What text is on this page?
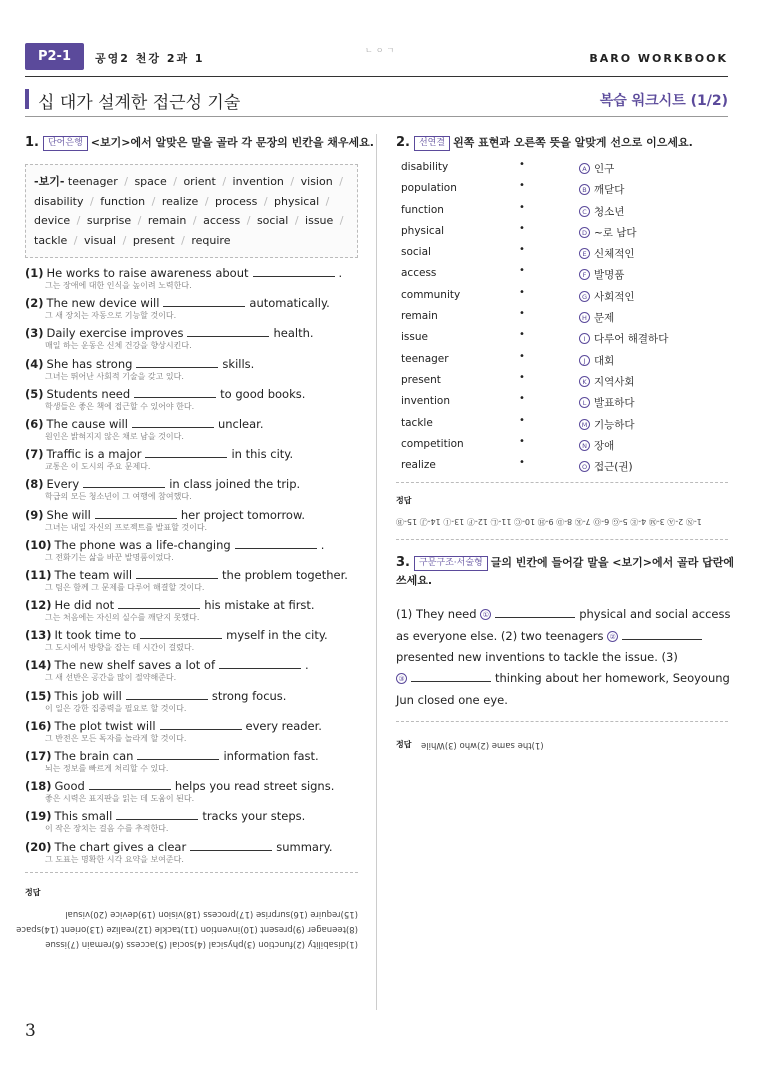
P2-1	공영2 천강 2과 1
ㄴㅇㄱ
BARO WORKBOOK
십 대가 설계한 접근성 기술	복습 워크시트 (1/2)
1. 단어은행 <보기>에서 알맞은 말을 골라 각 문장의 빈칸을 채우세요.
-보기- teenager / space / orient / invention / vision / disability / function / realize / process / physical / device / surprise / remain / access / social / issue / tackle / visual / present / require
(1) He works to raise awareness about	.
그는 장애에 대한 인식을 높이려 노력한다.
(2) The new device will	automatically.
그 새 장치는 자동으로 기능할 것이다.
(3) Daily exercise improves	health.
매일 하는 운동은 신체 건강을 향상시킨다.
(4) She has strong	skills.
그녀는 뛰어난 사회적 기술을 갖고 있다.
(5) Students need	to good books.
학생들은 좋은 책에 접근할 수 있어야 한다.
(6) The cause will	unclear.
원인은 밝혀지지 않은 채로 남을 것이다.
(7) Traffic is a major	in this city.
교통은 이 도시의 주요 문제다.
(8) Every	in class joined the trip.
학급의 모든 청소년이 그 여행에 참여했다.
(9) She will	her project tomorrow.
그녀는 내일 자신의 프로젝트를 발표할 것이다.
(10) The phone was a life-changing	.
그 전화기는 삶을 바꾼 발명품이었다.
(11) The team will	the problem together.
그 팀은 함께 그 문제를 다루어 해결할 것이다.
(12) He did not	his mistake at first.
그는 처음에는 자신의 실수를 깨닫지 못했다.
(13) It took time to	myself in the city.
그 도시에서 방향을 잡는 데 시간이 걸렸다.
(14) The new shelf saves a lot of	.
그 새 선반은 공간을 많이 절약해준다.
(15) This job will	strong focus.
이 일은 강한 집중력을 필요로 할 것이다.
(16) The plot twist will	every reader.
그 반전은 모든 독자를 놀라게 할 것이다.
(17) The brain can	information fast.
뇌는 정보를 빠르게 처리할 수 있다.
(18) Good	helps you read street signs.
좋은 시력은 표지판을 읽는 데 도움이 된다.
(19) This small	tracks your steps.
이 작은 장치는 걸음 수를 추적한다.
(20) The chart gives a clear	summary.
그 도표는 명확한 시각 요약을 보여준다.
정답
(15)require (16)surprise (17)process (18)vision (19)device (20)visual
(8)teenager (9)present (10)invention (11)tackle (12)realize (13)orient (14)space
(1)disability (2)function (3)physical (4)social (5)access (6)remain (7)issue
2. 선연결 왼쪽 표현과 오른쪽 뜻을 알맞게 선으로 이으세요.
disability	•	A 인구
population	•	B 깨닫다
function	•	C 청소년
physical	•	D ~로 남다
social	•	E 신체적인
access	•	F 발명품
community	•	G 사회적인
remain	•	H 문제
issue	•	I 다루어 해결하다
teenager	•	J 대회
present	•	K 지역사회
invention	•	L 발표하다
tackle	•	M 기능하다
competition	•	N 장애
realize	•	O 접근(권)
정답
1-Ⓝ 2-Ⓐ 3-Ⓜ 4-Ⓔ 5-Ⓖ 6-Ⓞ 7-Ⓚ 8-Ⓓ 9-Ⓗ 10-Ⓒ 11-Ⓛ 12-Ⓕ 13-Ⓘ 14-Ⓙ 15-Ⓑ
3. 구문구조·서술형 글의 빈칸에 들어갈 말을 <보기>에서 골라 답란에
쓰세요.
(1) They need ①	physical and social access
as everyone else. (2) two teenagers ②
presented new inventions to tackle the issue. (3)
③	thinking about her homework, Seoyoung
Jun closed one eye.
정답 (1)the same (2)who (3)While
3
